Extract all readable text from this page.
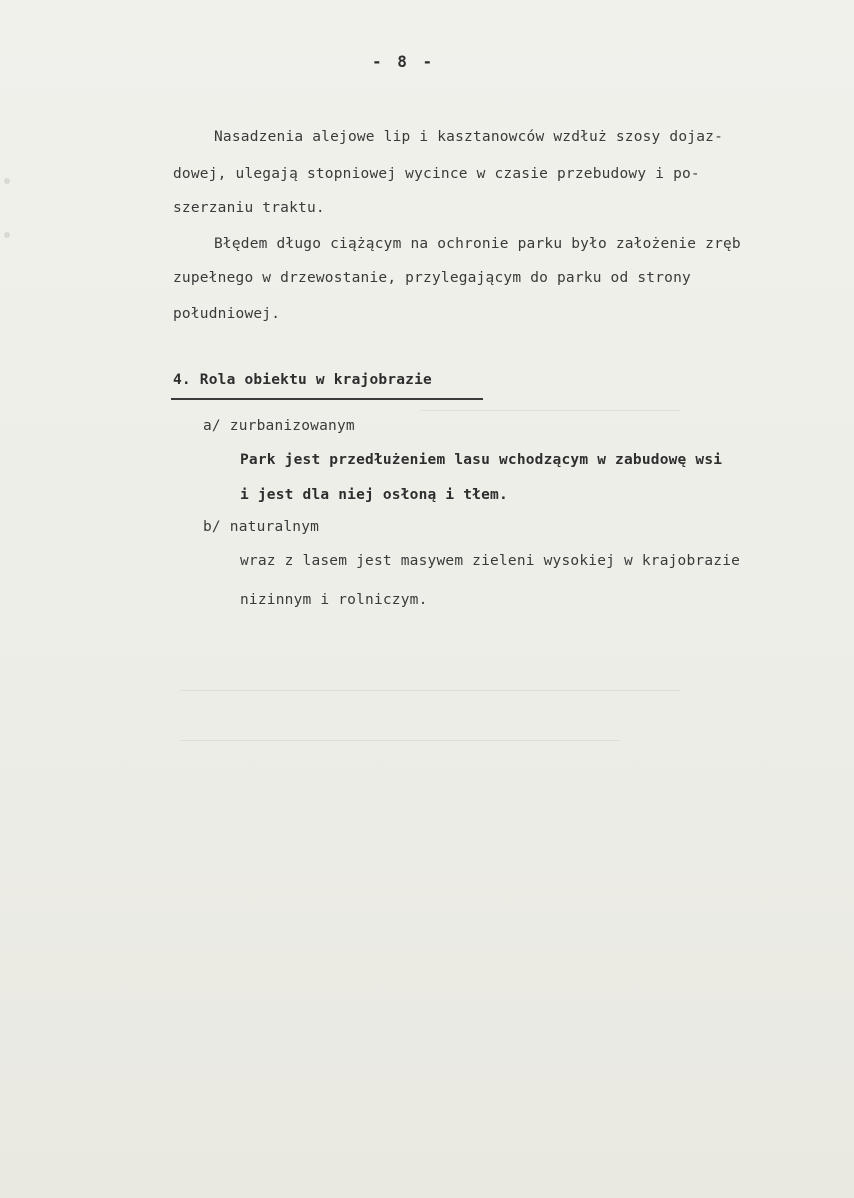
- 8 -
Nasadzenia alejowe lip i kasztanowców wzdłuż szosy dojaz-
dowej, ulegają stopniowej wycince w czasie przebudowy i po-
szerzaniu traktu.
Błędem długo ciążącym na ochronie parku było założenie zręb
zupełnego w drzewostanie, przylegającym do parku od strony
południowej.
4. Rola obiektu w krajobrazie
a/ zurbanizowanym
Park jest przedłużeniem lasu wchodzącym w zabudowę wsi
i jest dla niej osłoną i tłem.
b/ naturalnym
wraz z lasem jest masywem zieleni wysokiej w krajobrazie
nizinnym i rolniczym.
